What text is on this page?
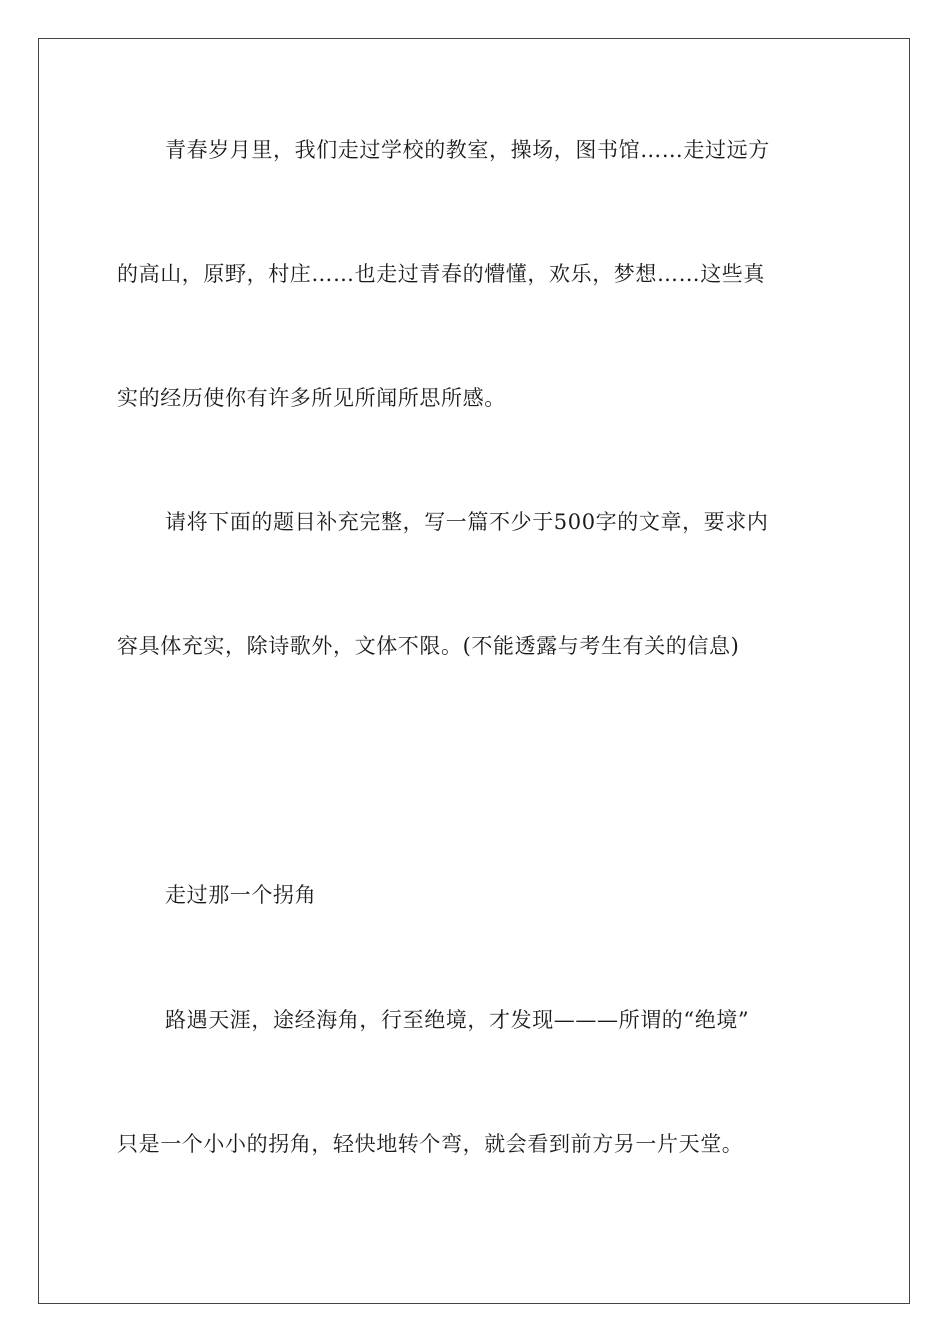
青春岁月里，我们走过学校的教室，操场，图书馆……走过远方
的高山，原野，村庄……也走过青春的懵懂，欢乐，梦想……这些真
实的经历使你有许多所见所闻所思所感。
请将下面的题目补充完整，写一篇不少于500字的文章，要求内
容具体充实，除诗歌外，文体不限。(不能透露与考生有关的信息)
走过那一个拐角
路遇天涯，途经海角，行至绝境，才发现———所谓的“绝境”
只是一个小小的拐角，轻快地转个弯，就会看到前方另一片天堂。
